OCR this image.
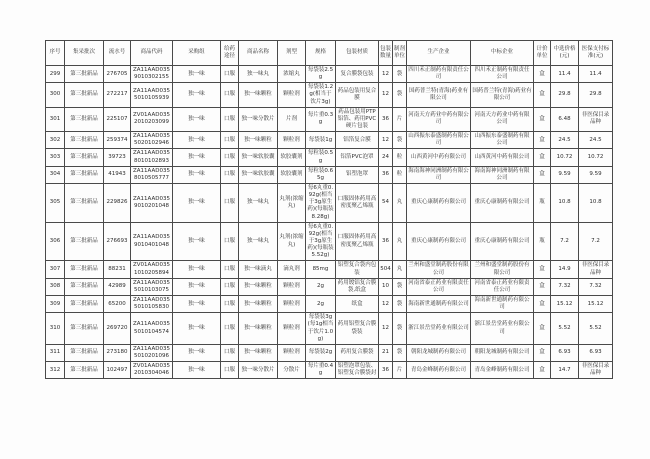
序号	集采批次	流水号	商品代码	采购组	给药途径	商品名称	剂型	规格	包装材质	包装数量	制剂单位	生产企业	中标企业	计价单位	中选价格(元)	医保支付标准(元)
299	第三批新品	276705	ZA11AAD0359010302155	独一味	口服	独一味丸	浓缩丸	每袋装2.5g	复合膜袋包装	12	袋	四川禾正制药有限责任公司	四川禾正制药有限责任公司	盒	11.4	11.4
300	第三批新品	272217	ZA11AAD0355010105939	独一味	口服	独一味颗粒	颗粒剂	每袋装1.2g(相当于饮片3g)	药品包装用复合膜	12	袋	国药普兰特(青海)药业有限公司	国药普兰特(青海)药业有限公司	盒	29.8	29.8
301	第三批新品	225107	ZV01AAD0352010203099	独一味	口服	独一味分散片	片剂	每片重0.3g	药品包装用PTP铝箔、药用PVC硬片包装	36	片	河南天方药业中药有限公司	河南天方药业中药有限公司	盒	6.48	非医保目录品种
302	第三批新品	259374	ZA11AAD0355020102946	独一味	口服	独一味颗粒	颗粒剂	每袋装1g	铝箔复合膜	12	袋	山西振东泰盛制药有限公司	山西振东泰盛制药有限公司	盒	24.5	24.5
303	第三批新品	39723	ZA11AAD0358010102893	独一味	口服	独一味软胶囊	软胶囊剂	每粒装0.5g	铝箔PVC泡罩	24	粒	山西黄河中药有限公司	山西黄河中药有限公司	盒	10.72	10.72
304	第三批新品	41943	ZA11AAD0358010505777	独一味	口服	独一味软胶囊	软胶囊剂	每粒装0.65g	铝塑泡罩	36	粒	海南海神同洲制药有限公司	海南海神同洲制药有限公司	盒	9.59	9.59
305	第三批新品	229826	ZA11AAD0359010201048	独一味	口服	独一味丸	丸剂(浓缩丸)	每6丸重0.92g(相当于3g原生药)(每瓶装8.28g)	口服固体药用高密度聚乙烯瓶	54	丸	重庆心康制药有限公司	重庆心康制药有限公司	瓶	10.8	10.8
306	第三批新品	276693	ZA11AAD0359010401048	独一味	口服	独一味丸	丸剂(浓缩丸)	每6丸重0.92g(相当于3g原生药)(每瓶装5.52g)	口服固体药用高密度聚乙烯瓶	36	丸	重庆心康制药有限公司	重庆心康制药有限公司	瓶	7.2	7.2
307	第三批新品	88231	ZV01AAD0351010205894	独一味	口服	独一味滴丸	滴丸剂	85mg	铝塑复合袋内包装	504	丸	兰州和盛堂制药股份有限公司	兰州和盛堂制药股份有限公司	盒	14.9	非医保目录品种
308	第三批新品	42989	ZA11AAD0355010103075	独一味	口服	独一味颗粒	颗粒剂	2g	药用镀铝复合膜袋,纸盒	10	袋	河南省泰正药业有限责任公司	河南省泰正药业有限责任公司	盒	7.32	7.32
309	第三批新品	65200	ZA11AAD0355010105830	独一味	口服	独一味颗粒	颗粒剂	2g	纸盒	12	袋	海南新世通制药有限公司	海南新世通制药有限公司	盒	15.12	15.12
310	第三批新品	269720	ZA11AAD0355010104574	独一味	口服	独一味颗粒	颗粒剂	每袋装3g(每1g相当于饮片1.0g)	药用铝塑复合膜袋装	12	袋	浙江景岳堂药业有限公司	浙江景岳堂药业有限公司	盒	5.52	5.52
311	第三批新品	273180	ZA11AAD0355010201096	独一味	口服	独一味颗粒	颗粒剂	每袋装2g	药用复合膜袋	21	袋	朝阳龙城制药有限公司	朝阳龙城制药有限公司	盒	6.93	6.93
312	第三批新品	102497	ZV01AAD0352010304046	独一味	口服	独一味分散片	分散片	每片重0.4g	铝塑泡罩包装、铝塑复合膜袋封	36	片	青岛金峰制药有限公司	青岛金峰制药有限公司	盒	14.7	非医保目录品种
